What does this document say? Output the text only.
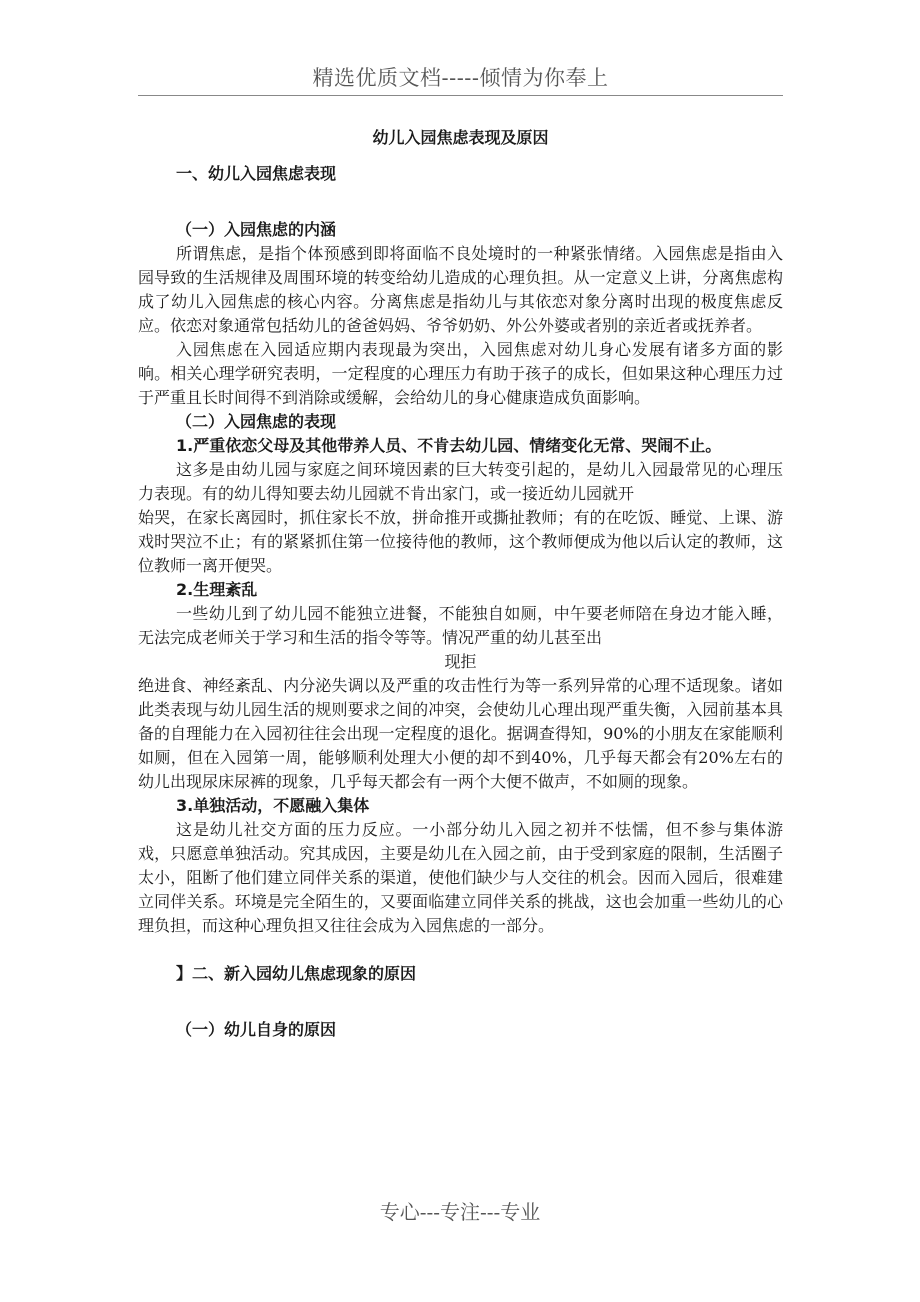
精选优质文档-----倾情为你奉上
幼儿入园焦虑表现及原因
一、幼儿入园焦虑表现
（一）入园焦虑的内涵

所谓焦虑，是指个体预感到即将面临不良处境时的一种紧张情绪。入园焦虑是指由入园导致的生活规律及周围环境的转变给幼儿造成的心理负担。从一定意义上讲，分离焦虑构成了幼儿入园焦虑的核心内容。分离焦虑是指幼儿与其依恋对象分离时出现的极度焦虑反应。依恋对象通常包括幼儿的爸爸妈妈、爷爷奶奶、外公外婆或者别的亲近者或抚养者。

入园焦虑在入园适应期内表现最为突出，入园焦虑对幼儿身心发展有诸多方面的影响。相关心理学研究表明，一定程度的心理压力有助于孩子的成长，但如果这种心理压力过于严重且长时间得不到消除或缓解，会给幼儿的身心健康造成负面影响。

（二）入园焦虑的表现

1.严重依恋父母及其他带养人员、不肯去幼儿园、情绪变化无常、哭闹不止。

这多是由幼儿园与家庭之间环境因素的巨大转变引起的，是幼儿入园最常见的心理压力表现。有的幼儿得知要去幼儿园就不肯出家门，或一接近幼儿园就开

始哭，在家长离园时，抓住家长不放，拼命推开或撕扯教师；有的在吃饭、睡觉、上课、游戏时哭泣不止；有的紧紧抓住第一位接待他的教师，这个教师便成为他以后认定的教师，这位教师一离开便哭。

2.生理紊乱

一些幼儿到了幼儿园不能独立进餐，不能独自如厕，中午要老师陪在身边才能入睡，无法完成老师关于学习和生活的指令等等。情况严重的幼儿甚至出

现拒

绝进食、神经紊乱、内分泌失调以及严重的攻击性行为等一系列异常的心理不适现象。诸如此类表现与幼儿园生活的规则要求之间的冲突，会使幼儿心理出现严重失衡，入园前基本具备的自理能力在入园初往往会出现一定程度的退化。据调查得知，90%的小朋友在家能顺利如厕，但在入园第一周，能够顺利处理大小便的却不到40%，几乎每天都会有20%左右的幼儿出现尿床尿裤的现象，几乎每天都会有一两个大便不做声，不如厕的现象。

3.单独活动，不愿融入集体

这是幼儿社交方面的压力反应。一小部分幼儿入园之初并不怯懦，但不参与集体游戏，只愿意单独活动。究其成因，主要是幼儿在入园之前，由于受到家庭的限制，生活圈子太小，阻断了他们建立同伴关系的渠道，使他们缺少与人交往的机会。因而入园后，很难建立同伴关系。环境是完全陌生的，又要面临建立同伴关系的挑战，这也会加重一些幼儿的心理负担，而这种心理负担又往往会成为入园焦虑的一部分。

】二、新入园幼儿焦虑现象的原因
（一）幼儿自身的原因
专心---专注---专业
